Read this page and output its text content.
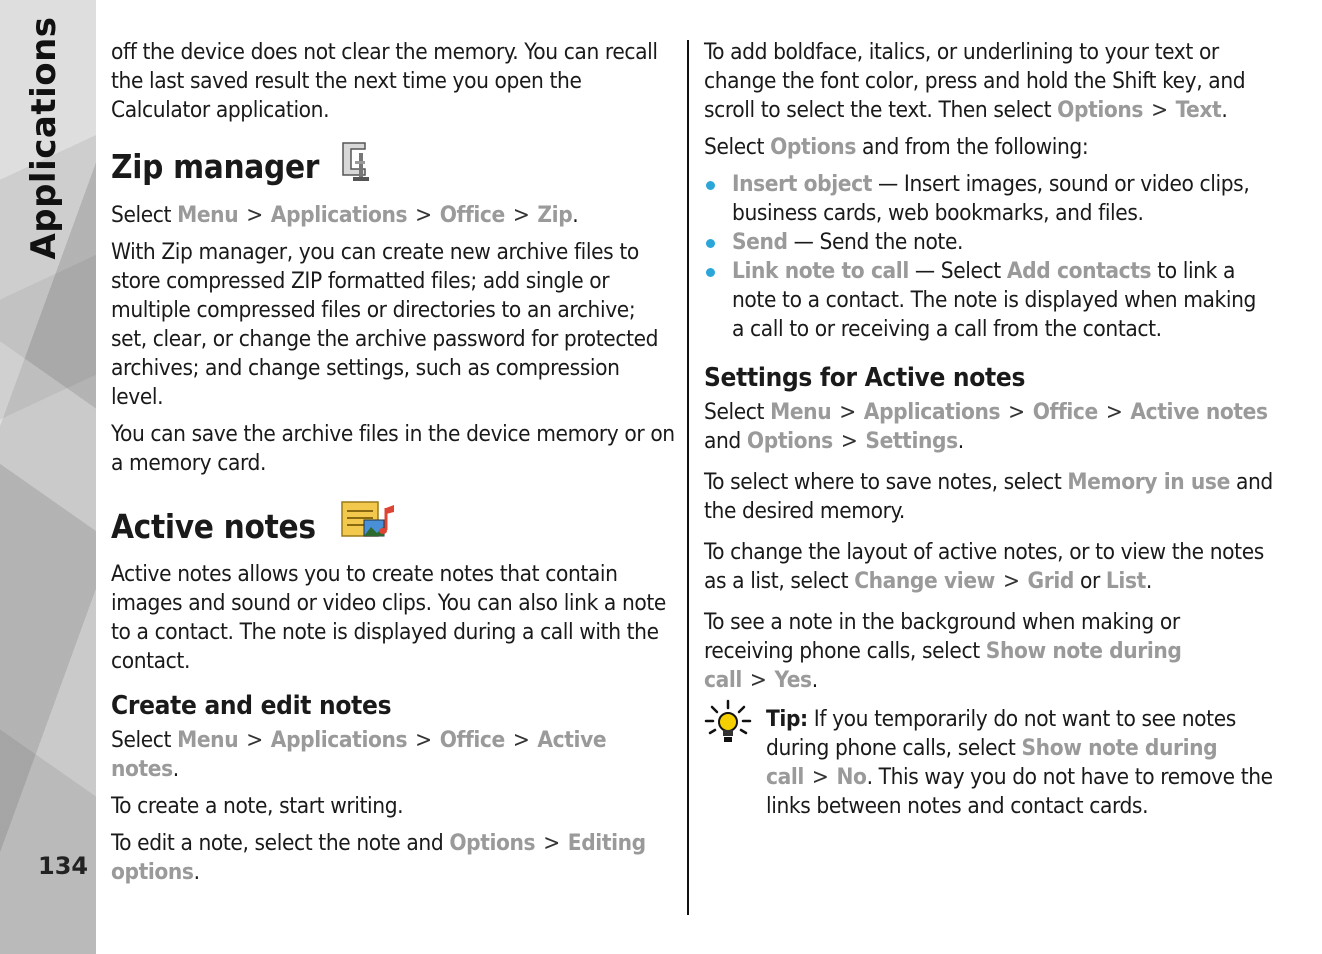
Applications
134

off the device does not clear the memory. You can recall the last saved result the next time you open the Calculator application.

Zip manager

Select Menu > Applications > Office > Zip.

With Zip manager, you can create new archive files to store compressed ZIP formatted files; add single or multiple compressed files or directories to an archive; set, clear, or change the archive password for protected archives; and change settings, such as compression level.

You can save the archive files in the device memory or on a memory card.

Active notes

Active notes allows you to create notes that contain images and sound or video clips. You can also link a note to a contact. The note is displayed during a call with the contact.

Create and edit notes

Select Menu > Applications > Office > Active notes.

To create a note, start writing.

To edit a note, select the note and Options > Editing options.

To add boldface, italics, or underlining to your text or change the font color, press and hold the Shift key, and scroll to select the text. Then select Options > Text.

Select Options and from the following:

Insert object — Insert images, sound or video clips, business cards, web bookmarks, and files.
Send — Send the note.
Link note to call — Select Add contacts to link a note to a contact. The note is displayed when making a call to or receiving a call from the contact.
Settings for Active notes

Select Menu > Applications > Office > Active notes and Options > Settings.

To select where to save notes, select Memory in use and the desired memory.

To change the layout of active notes, or to view the notes as a list, select Change view > Grid or List.

To see a note in the background when making or receiving phone calls, select Show note during call > Yes.

Tip: If you temporarily do not want to see notes during phone calls, select Show note during call > No. This way you do not have to remove the links between notes and contact cards.
